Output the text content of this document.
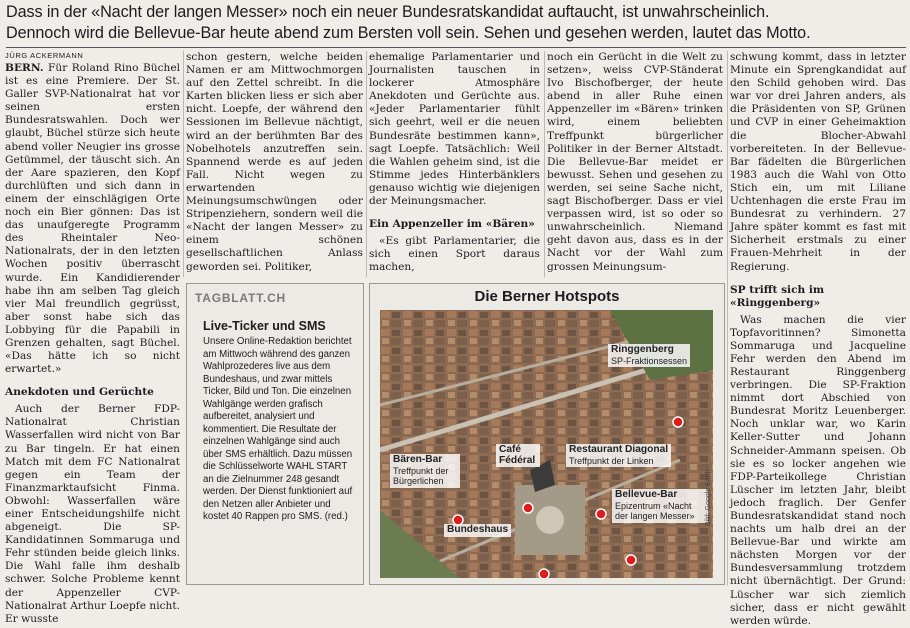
Dass in der «Nacht der langen Messer» noch ein neuer Bundesratskandidat auftaucht, ist unwahrscheinlich.

Dennoch wird die Bellevue-Bar heute abend zum Bersten voll sein. Sehen und gesehen werden, lautet das Motto.

JÜRG ACKERMANN

BERN. Für Roland Rino Büchel ist es eine Premiere. Der St. Galler SVP-Nationalrat hat vor seinen ersten Bundesratswahlen. Doch wer glaubt, Büchel stürze sich heute abend voller Neugier ins grosse Getümmel, der täuscht sich. An der Aare spazieren, den Kopf durchlüften und sich dann in einem der einschlägigen Orte noch ein Bier gönnen: Das ist das unaufgeregte Programm des Rheintaler Neo-Nationalrats, der in den letzten Wochen positiv überrascht wurde. Ein Kandidierender habe ihn am selben Tag gleich vier Mal freundlich gegrüsst, aber sonst habe sich das Lobbying für die Papabili in Grenzen gehalten, sagt Büchel. «Das hätte ich so nicht erwartet.»

Anekdoten und Gerüchte

Auch der Berner FDP-Nationalrat Christian Wasserfallen wird nicht von Bar zu Bar tingeln. Er hat einen Match mit dem FC Nationalrat gegen ein Team der Finanzmarktaufsicht Finma. Obwohl: Wasserfallen wäre einer Entscheidungshilfe nicht abgeneigt. Die SP-Kandidatinnen Sommaruga und Fehr stünden beide gleich links. Die Wahl falle ihm deshalb schwer. Solche Probleme kennt der Appenzeller CVP-Nationalrat Arthur Loepfe nicht. Er wusste

schon gestern, welche beiden Namen er am Mittwochmorgen auf den Zettel schreibt. In die Karten blicken liess er sich aber nicht. Loepfe, der während den Sessionen im Bellevue nächtigt, wird an der berühmten Bar des Nobelhotels anzutreffen sein. Spannend werde es auf jeden Fall. Nicht wegen zu erwartenden Meinungsumschwüngen oder Stripenziehern, sondern weil die «Nacht der langen Messer» zu einem schönen gesellschaftlichen Anlass geworden sei. Politiker,

ehemalige Parlamentarier und Journalisten tauschen in lockerer Atmosphäre Anekdoten und Gerüchte aus. «Jeder Parlamentarier fühlt sich geehrt, weil er die neuen Bundesräte bestimmen kann», sagt Loepfe. Tatsächlich: Weil die Wahlen geheim sind, ist die Stimme jedes Hinterbänklers genauso wichtig wie diejenigen der Meinungsmacher.

Ein Appenzeller im «Bären»

«Es gibt Parlamentarier, die sich einen Sport daraus machen,

noch ein Gerücht in die Welt zu setzen», weiss CVP-Ständerat Ivo Bischofberger, der heute abend in aller Ruhe einen Appenzeller im «Bären» trinken wird, einem beliebten Treffpunkt bürgerlicher Politiker in der Berner Altstadt. Die Bellevue-Bar meidet er bewusst. Sehen und gesehen zu werden, sei seine Sache nicht, sagt Bischofberger. Dass er viel verpassen wird, ist so oder so unwahrscheinlich. Niemand geht davon aus, dass es in der Nacht vor der Wahl zum grossen Meinungsum-

schwung kommt, dass in letzter Minute ein Sprengkandidat auf den Schild gehoben wird. Das war vor drei Jahren anders, als die Präsidenten von SP, Grünen und CVP in einer Geheimaktion die Blocher-Abwahl vorbereiteten. In der Bellevue-Bar fädelten die Bürgerlichen 1983 auch die Wahl von Otto Stich ein, um mit Liliane Uchtenhagen die erste Frau im Bundesrat zu verhindern. 27 Jahre später kommt es fast mit Sicherheit erstmals zu einer Frauen-Mehrheit in der Regierung.

SP trifft sich im «Ringgenberg»

Was machen die vier Topfavoritinnen? Simonetta Sommaruga und Jacqueline Fehr werden den Abend im Restaurant Ringgenberg verbringen. Die SP-Fraktion nimmt dort Abschied von Bundesrat Moritz Leuenberger. Noch unklar war, wo Karin Keller-Sutter und Johann Schneider-Ammann speisen. Ob sie es so locker angehen wie FDP-Parteikollege Christian Lüscher im letzten Jahr, bleibt jedoch fraglich. Der Genfer Bundesratskandidat stand noch nachts um halb drei an der Bellevue-Bar und wirkte am nächsten Morgen vor der Bundesversammlung trotzdem nicht übernächtigt. Der Grund: Lüscher war sich ziemlich sicher, dass er nicht gewählt werden würde.

TAGBLATT.CH
Live-Ticker und SMS
Unsere Online-Redaktion berichtet am Mittwoch während des ganzen Wahlprozederes live aus dem Bundeshaus, und zwar mittels Ticker, Bild und Ton. Die einzelnen Wahlgänge werden grafisch aufbereitet, analysiert und kommentiert. Die Resultate der einzelnen Wahlgänge sind auch über SMS erhältlich. Dazu müssen die Schlüsselworte WAHL START an die Zielnummer 248 gesandt werden. Der Dienst funktioniert auf den Netzen aller Anbieter und kostet 40 Rappen pro SMS. (red.)
Die Berner Hotspots
Ringgenberg
SP-Fraktionsessen
Bären-Bar
Treffpunkt der Bürgerlichen
Café Fédéral
Restaurant Diagonal
Treffpunkt der Linken
Bellevue-Bar
Epizentrum «Nacht der langen Messer»
Bundeshaus
Bild: Google Earth
